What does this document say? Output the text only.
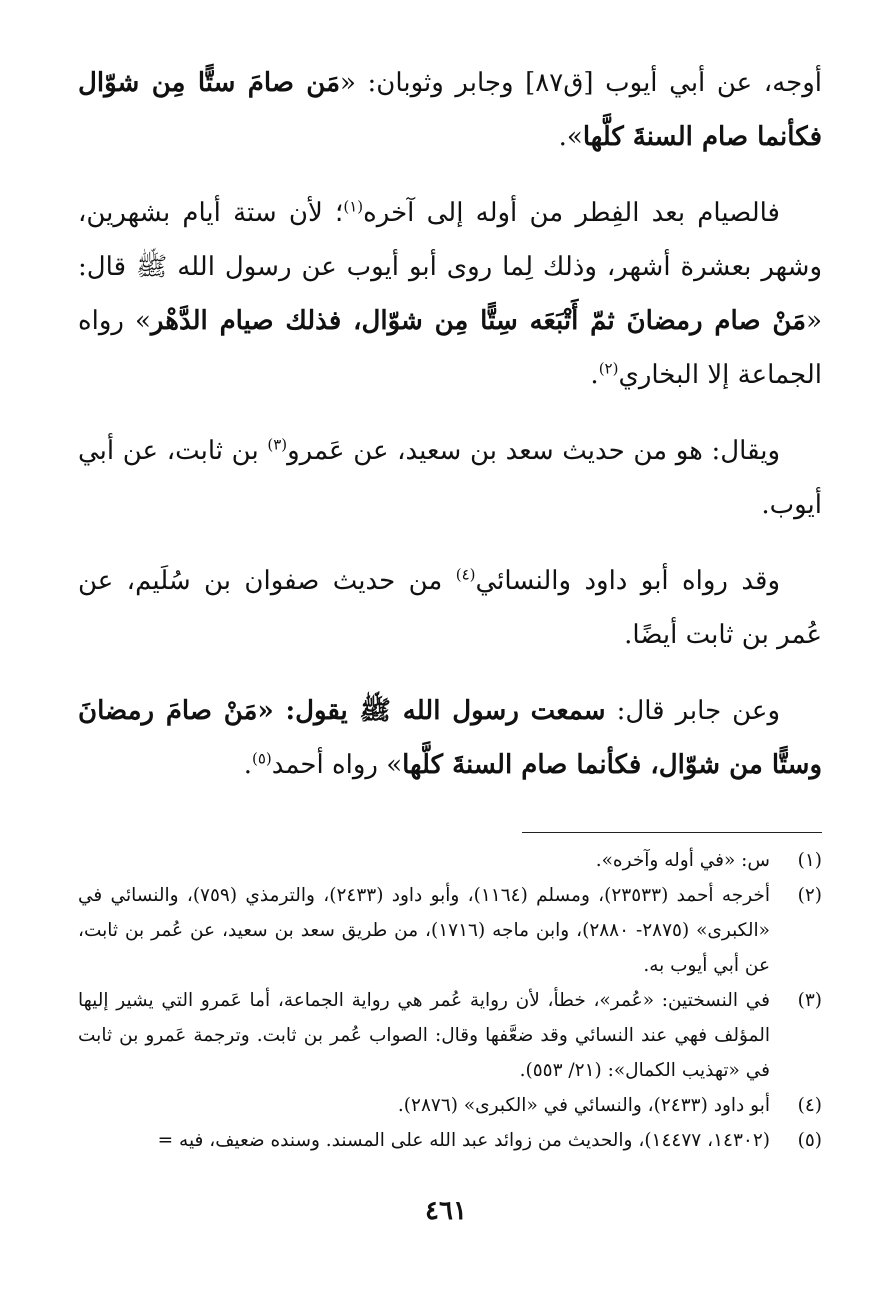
أوجه، عن أبي أيوب [ق٨٧] وجابر وثوبان: «مَن صامَ ستًّا مِن شوّال فكأنما صام السنةَ كلَّها».

فالصيام بعد الفِطر من أوله إلى آخره$^{(١)}$؛ لأن ستة أيام بشهرين، وشهر بعشرة أشهر، وذلك لِما روى أبو أيوب عن رسول الله ﷺ قال: «مَنْ صام رمضانَ ثمّ أَتْبَعَه سِتًّا مِن شوّال، فذلك صيام الدَّهْر» رواه الجماعة إلا البخاري$^{(٢)}$.

ويقال: هو من حديث سعد بن سعيد، عن عَمرو$^{(٣)}$ بن ثابت، عن أبي أيوب.

وقد رواه أبو داود والنسائي$^{(٤)}$ من حديث صفوان بن سُلَيم، عن عُمر بن ثابت أيضًا.

وعن جابر قال: سمعت رسول الله ﷺ يقول: «مَنْ صامَ رمضانَ وستًّا من شوّال، فكأنما صام السنةَ كلَّها» رواه أحمد$^{(٥)}$.

(١)
س: «في أوله وآخره».
(٢)
أخرجه أحمد (٢٣٥٣٣)، ومسلم (١١٦٤)، وأبو داود (٢٤٣٣)، والترمذي (٧٥٩)، والنسائي في «الكبرى» (٢٨٧٥- ٢٨٨٠)، وابن ماجه (١٧١٦)، من طريق سعد بن سعيد، عن عُمر بن ثابت، عن أبي أيوب به.
(٣)
في النسختين: «عُمر»، خطأ، لأن رواية عُمر هي رواية الجماعة، أما عَمرو التي يشير إليها المؤلف فهي عند النسائي وقد ضعَّفها وقال: الصواب عُمر بن ثابت. وترجمة عَمرو بن ثابت في «تهذيب الكمال»: (٢١/ ٥٥٣).
(٤)
أبو داود (٢٤٣٣)، والنسائي في «الكبرى» (٢٨٧٦).
(٥)
(١٤٣٠٢، ١٤٤٧٧)، والحديث من زوائد عبد الله على المسند. وسنده ضعيف، فيه =
٤٦١
